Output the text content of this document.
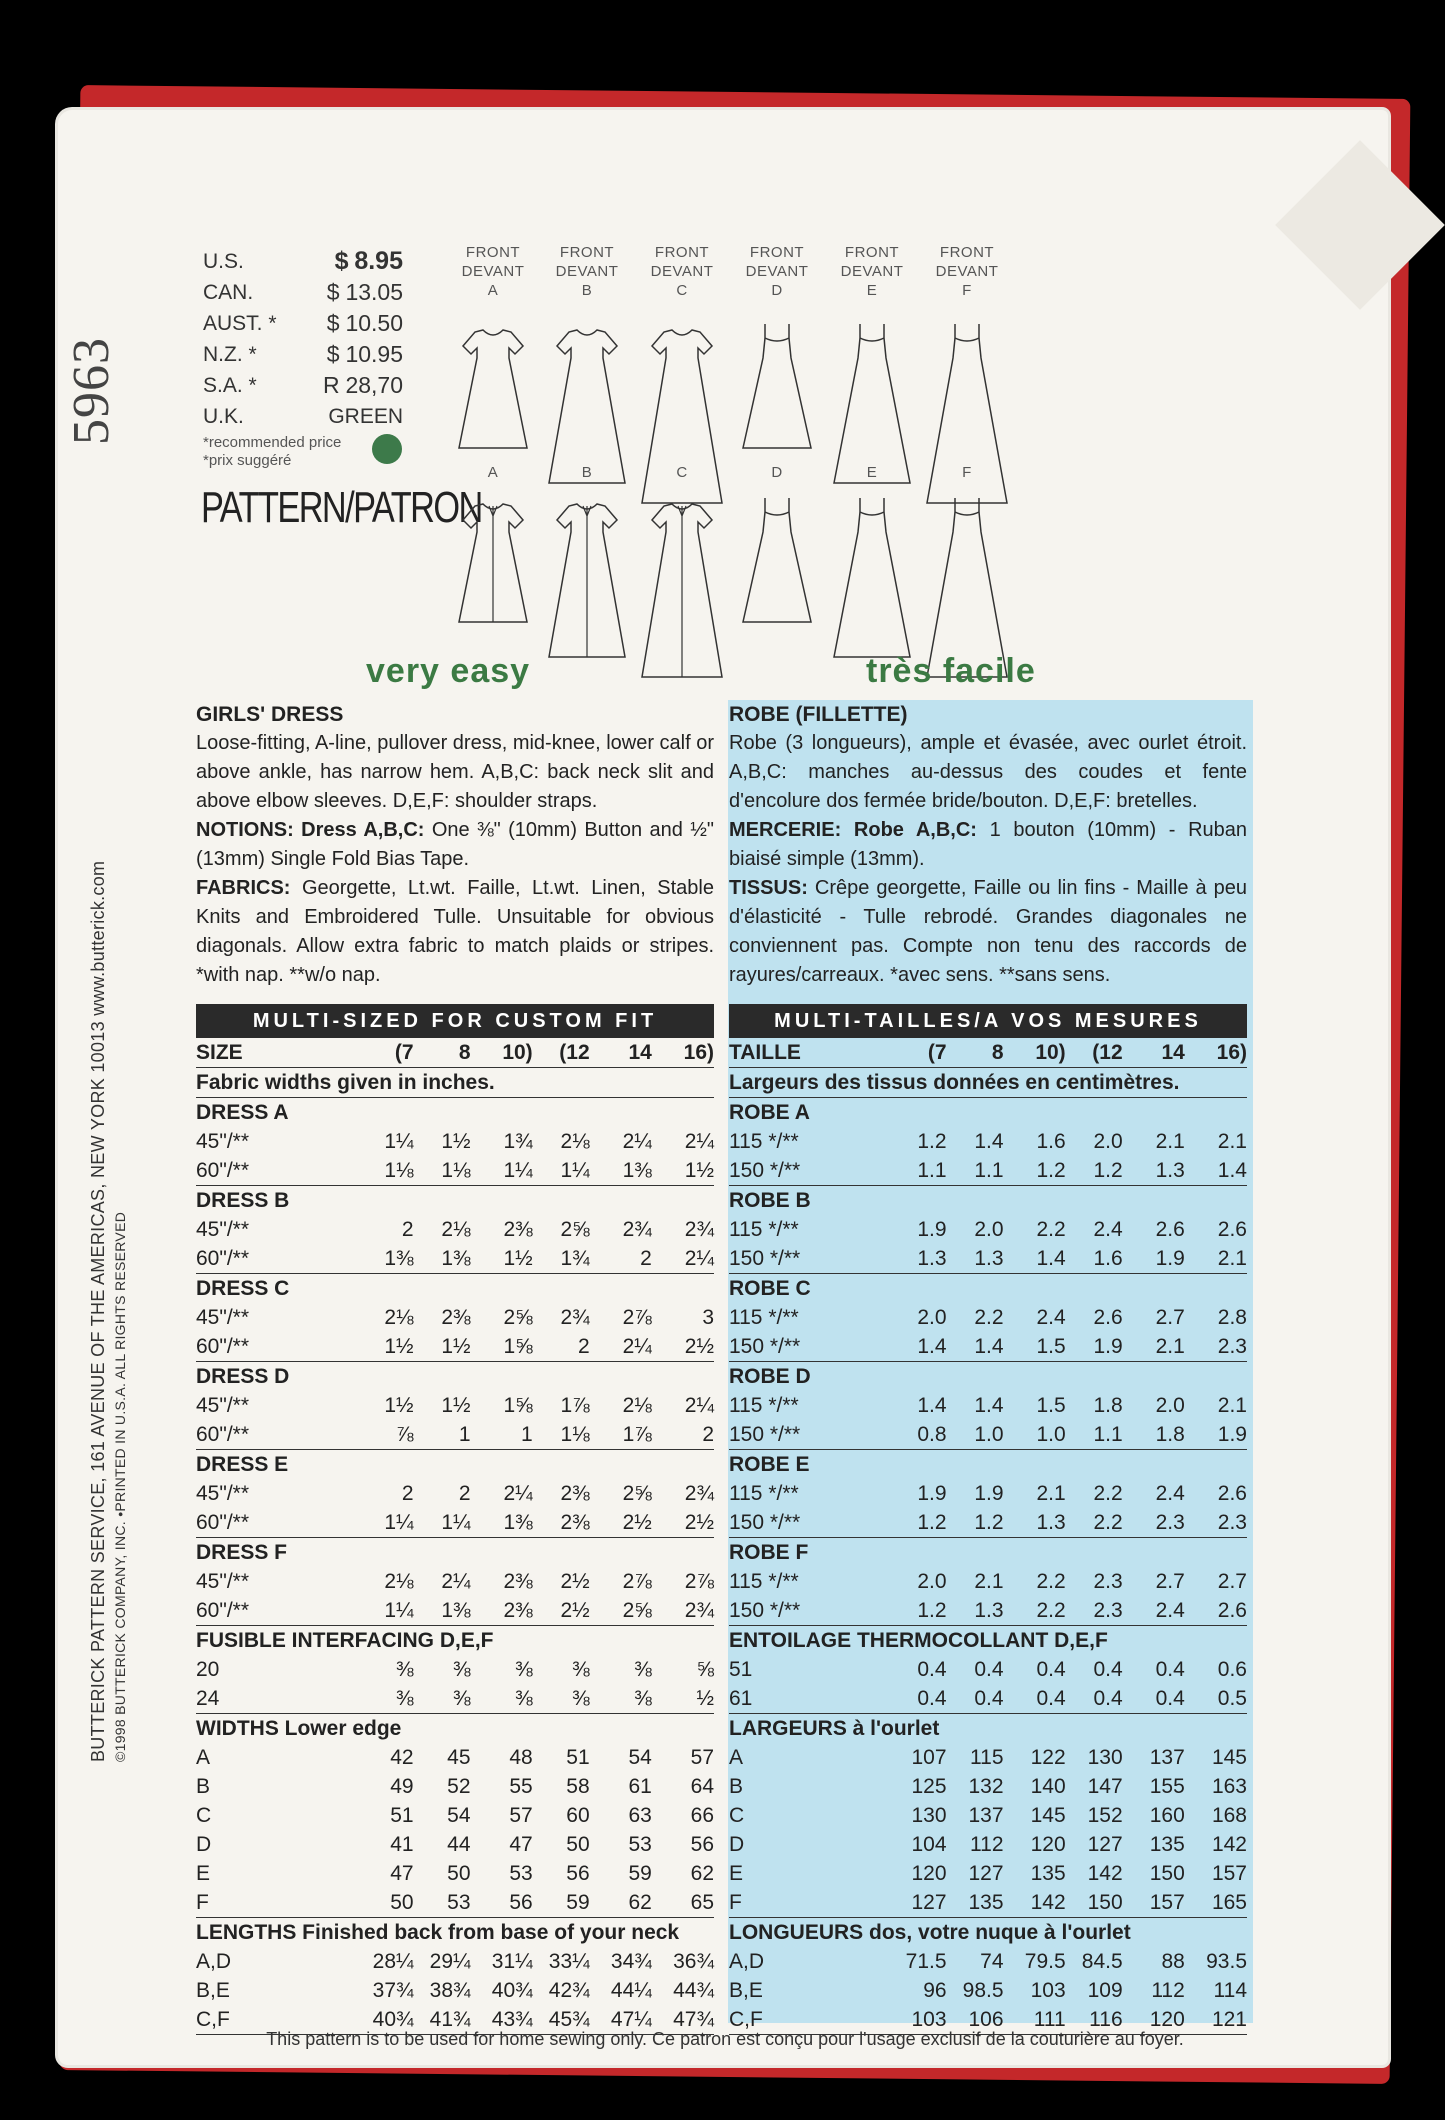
5963
BUTTERICK PATTERN SERVICE, 161 AVENUE OF THE AMERICAS, NEW YORK 10013 www.butterick.com ©1998 BUTTERICK COMPANY, INC. •PRINTED IN U.S.A. ALL RIGHTS RESERVED
U.S.	$ 8.95
CAN.	$ 13.05
AUST. * $ 10.50
N.Z. *	$ 10.95
S.A. *	R 28,70
U.K.	GREEN
*recommended price
*prix suggéré
PATTERN/PATRON
FRONT
DEVANT
A
A
FRONT
DEVANT
B
B
FRONT
DEVANT
C
C
FRONT
DEVANT
D
D
FRONT
DEVANT
E
E
FRONT
DEVANT
F
F
very easy	très facile
GIRLS' DRESS
Loose-fitting, A-line, pullover dress, mid-knee, lower calf or above ankle, has narrow hem. A,B,C: back neck slit and above elbow sleeves. D,E,F: shoulder straps.
NOTIONS: Dress A,B,C: One ⅜" (10mm) Button and ½" (13mm) Single Fold Bias Tape.
FABRICS: Georgette, Lt.wt. Faille, Lt.wt. Linen, Stable Knits and Embroidered Tulle. Unsuitable for obvious diagonals. Allow extra fabric to match plaids or stripes. *with nap. **w/o nap.
MULTI-SIZED FOR CUSTOM FIT
SIZE	(7	8	10)	(12	14	16)
Fabric widths given in inches.						
DRESS A						
45"/**	1¼	1½	1¾	2⅛	2¼	2¼
60"/**	1⅛	1⅛	1¼	1¼	1⅜	1½
DRESS B						
45"/**	2	2⅛	2⅜	2⅝	2¾	2¾
60"/**	1⅜	1⅜	1½	1¾	2	2¼
DRESS C						
45"/**	2⅛	2⅜	2⅝	2¾	2⅞	3
60"/**	1½	1½	1⅝	2	2¼	2½
DRESS D						
45"/**	1½	1½	1⅝	1⅞	2⅛	2¼
60"/**	⅞	1	1	1⅛	1⅞	2
DRESS E						
45"/**	2	2	2¼	2⅜	2⅝	2¾
60"/**	1¼	1¼	1⅜	2⅜	2½	2½
DRESS F						
45"/**	2⅛	2¼	2⅜	2½	2⅞	2⅞
60"/**	1¼	1⅜	2⅜	2½	2⅝	2¾
FUSIBLE INTERFACING D,E,F						
20	⅜	⅜	⅜	⅜	⅜	⅝
24	⅜	⅜	⅜	⅜	⅜	½
WIDTHS Lower edge						
A	42	45	48	51	54	57
B	49	52	55	58	61	64
C	51	54	57	60	63	66
D	41	44	47	50	53	56
E	47	50	53	56	59	62
F	50	53	56	59	62	65
LENGTHS Finished back from base of your neck						
A,D	28¼	29¼	31¼	33¼	34¾	36¾
B,E	37¾	38¾	40¾	42¾	44¼	44¾
C,F	40¾	41¾	43¾	45¾	47¼	47¾
ROBE (FILLETTE)
Robe (3 longueurs), ample et évasée, avec ourlet étroit. A,B,C: manches au-dessus des coudes et fente d'encolure dos fermée bride/bouton. D,E,F: bretelles.
MERCERIE: Robe A,B,C: 1 bouton (10mm) - Ruban biaisé simple (13mm).
TISSUS: Crêpe georgette, Faille ou lin fins - Maille à peu d'élasticité - Tulle rebrodé. Grandes diagonales ne conviennent pas. Compte non tenu des raccords de rayures/carreaux. *avec sens. **sans sens.
MULTI-TAILLES/A VOS MESURES
TAILLE	(7	8	10)	(12	14	16)
Largeurs des tissus données en centimètres.						
ROBE A						
115 */**	1.2	1.4	1.6	2.0	2.1	2.1
150 */**	1.1	1.1	1.2	1.2	1.3	1.4
ROBE B						
115 */**	1.9	2.0	2.2	2.4	2.6	2.6
150 */**	1.3	1.3	1.4	1.6	1.9	2.1
ROBE C						
115 */**	2.0	2.2	2.4	2.6	2.7	2.8
150 */**	1.4	1.4	1.5	1.9	2.1	2.3
ROBE D						
115 */**	1.4	1.4	1.5	1.8	2.0	2.1
150 */**	0.8	1.0	1.0	1.1	1.8	1.9
ROBE E						
115 */**	1.9	1.9	2.1	2.2	2.4	2.6
150 */**	1.2	1.2	1.3	2.2	2.3	2.3
ROBE F						
115 */**	2.0	2.1	2.2	2.3	2.7	2.7
150 */**	1.2	1.3	2.2	2.3	2.4	2.6
ENTOILAGE THERMOCOLLANT D,E,F						
51	0.4	0.4	0.4	0.4	0.4	0.6
61	0.4	0.4	0.4	0.4	0.4	0.5
LARGEURS à l'ourlet						
A	107	115	122	130	137	145
B	125	132	140	147	155	163
C	130	137	145	152	160	168
D	104	112	120	127	135	142
E	120	127	135	142	150	157
F	127	135	142	150	157	165
LONGUEURS dos, votre nuque à l'ourlet						
A,D	71.5	74	79.5	84.5	88	93.5
B,E	96	98.5	103	109	112	114
C,F	103	106	111	116	120	121
This pattern is to be used for home sewing only. Ce patron est conçu pour l'usage exclusif de la couturière au foyer.
